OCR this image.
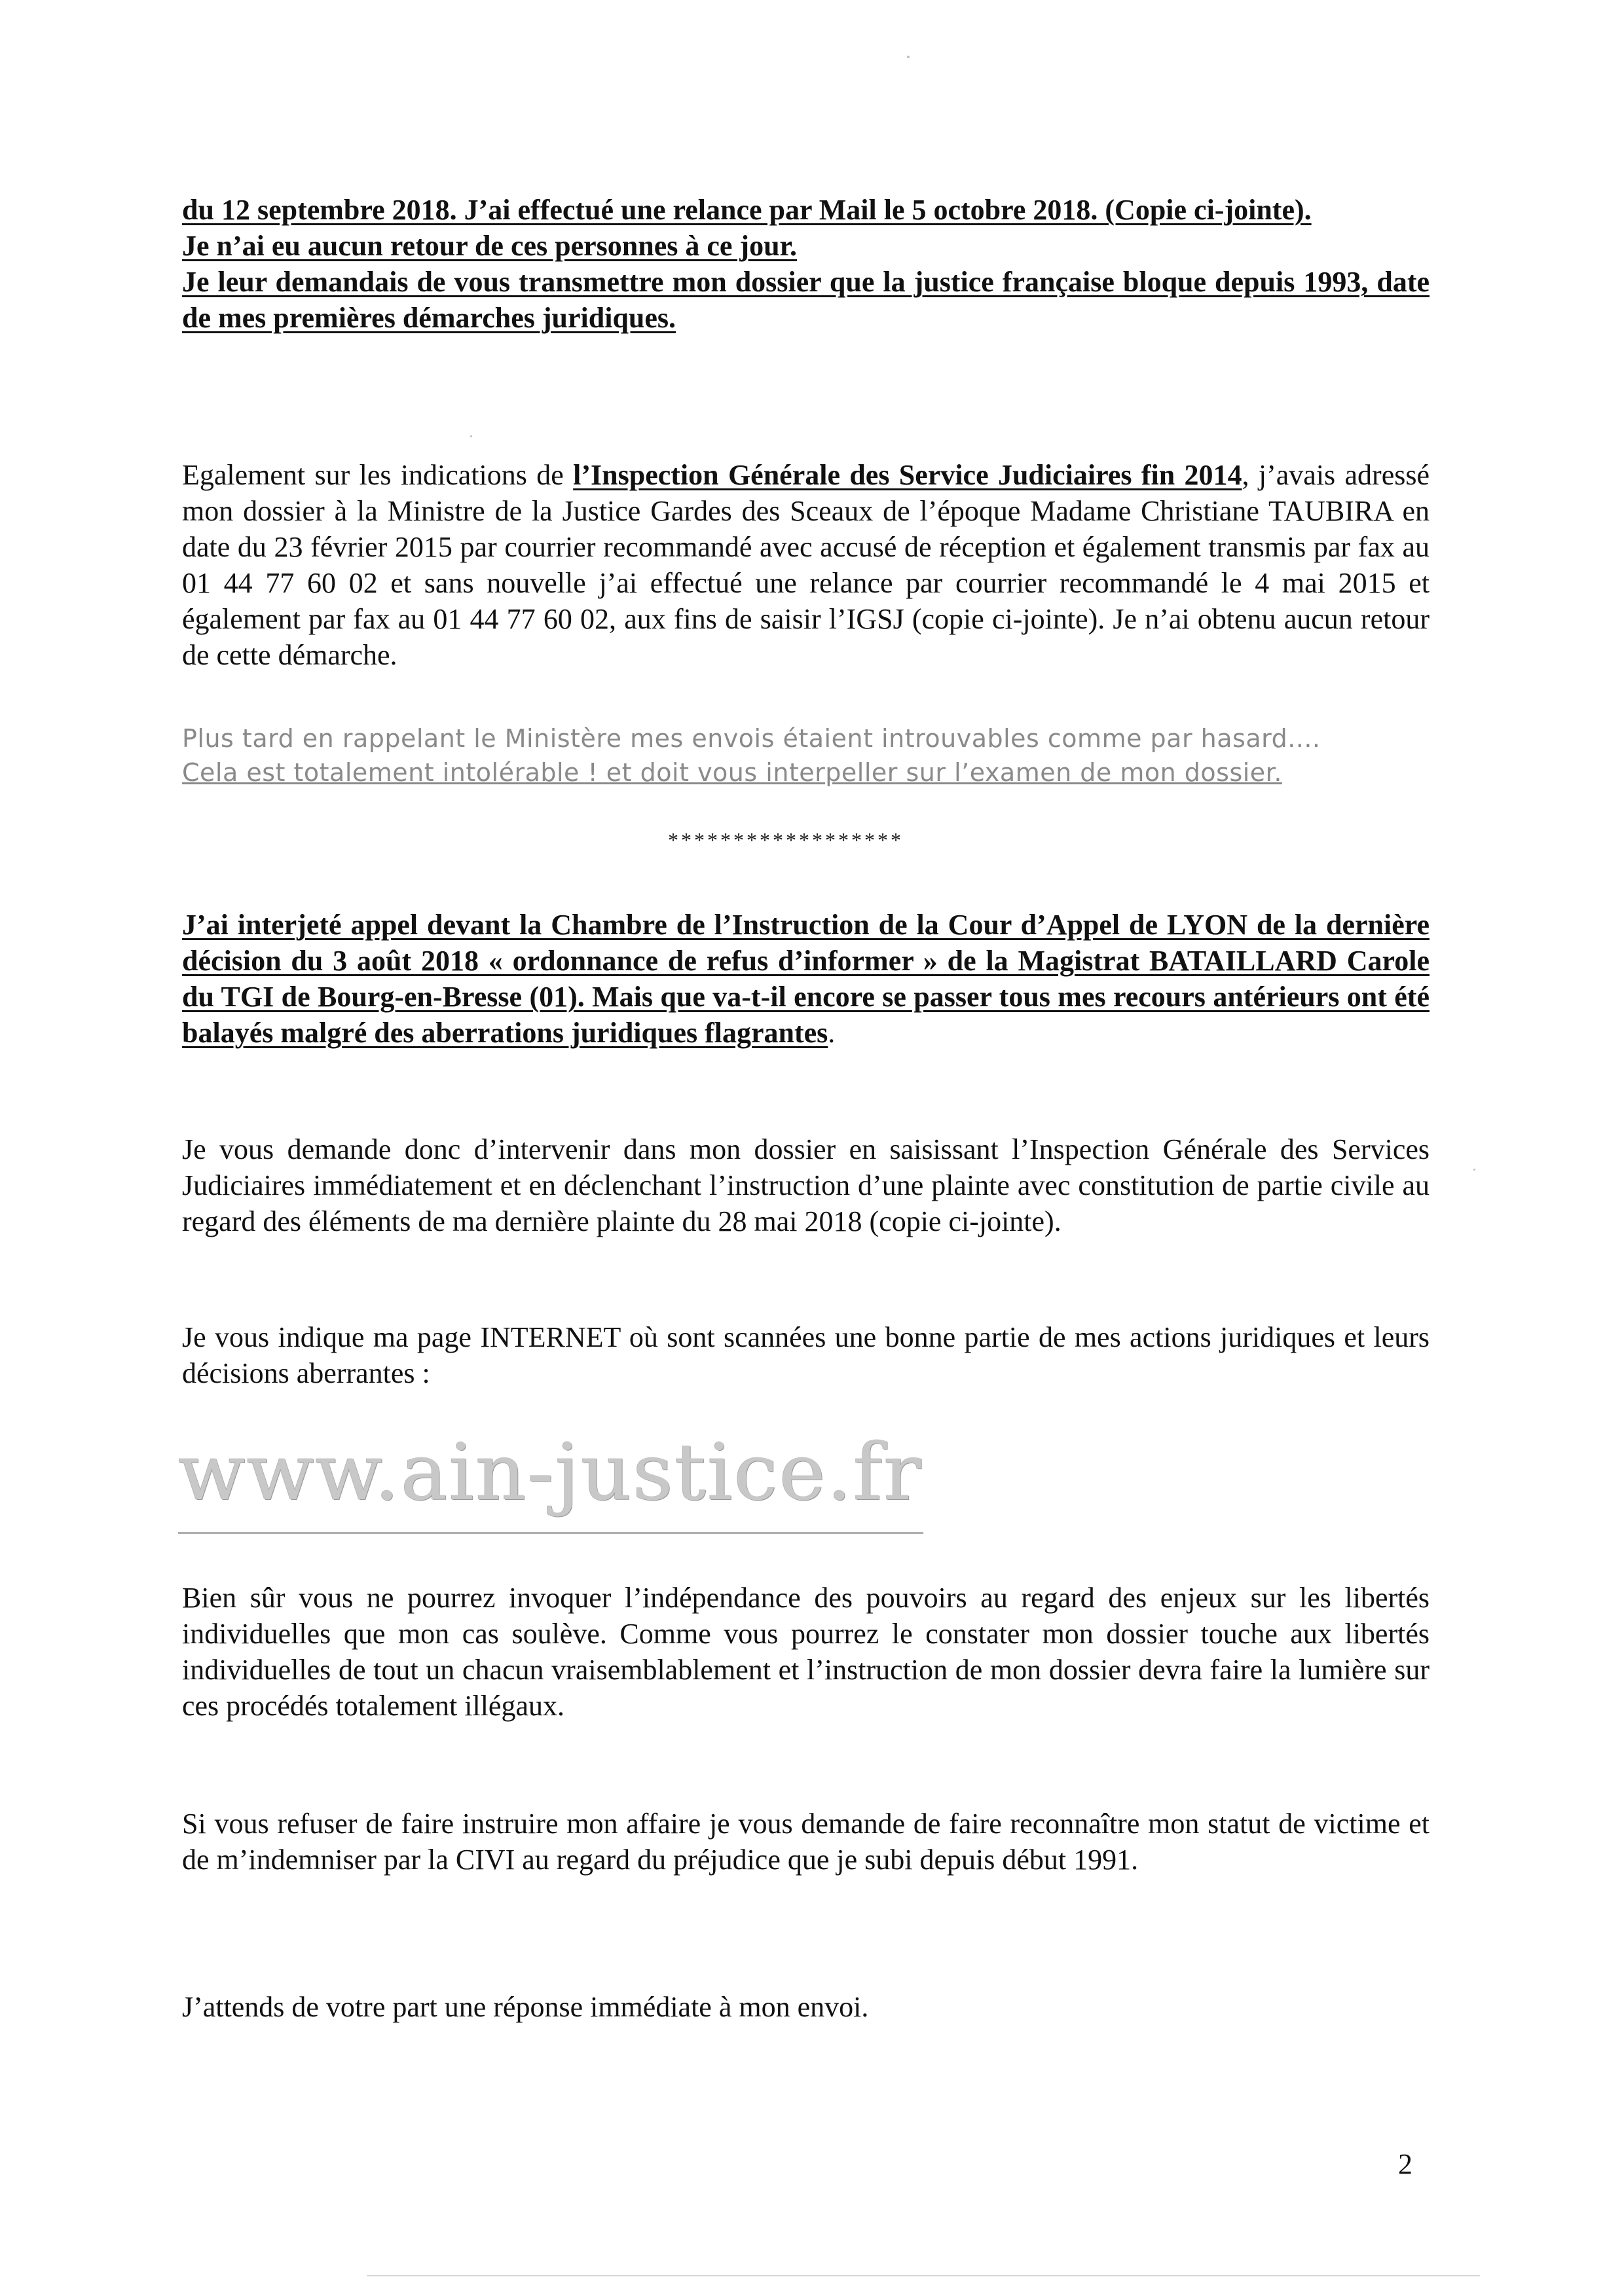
du 12 septembre 2018. J’ai effectué une relance par Mail le 5 octobre 2018. (Copie ci-jointe).
Je n’ai eu aucun retour de ces personnes à ce jour.
Je leur demandais de vous transmettre mon dossier que la justice française bloque depuis 1993, date de mes premières démarches juridiques.
Egalement sur les indications de l’Inspection Générale des Service Judiciaires fin 2014, j’avais adressé mon dossier à la Ministre de la Justice Gardes des Sceaux de l’époque Madame Christiane TAUBIRA en date du 23 février 2015 par courrier recommandé avec accusé de réception et également transmis par fax au 01 44 77 60 02 et sans nouvelle j’ai effectué une relance par courrier recommandé le 4 mai 2015 et également par fax au 01 44 77 60 02, aux fins de saisir l’IGSJ (copie ci-jointe). Je n’ai obtenu aucun retour de cette démarche.
Plus tard en rappelant le Ministère mes envois étaient introuvables comme par hasard....
Cela est totalement intolérable ! et doit vous interpeller sur l’examen de mon dossier.
******************
J’ai interjeté appel devant la Chambre de l’Instruction de la Cour d’Appel de LYON de la dernière décision du 3 août 2018 « ordonnance de refus d’informer » de la Magistrat BATAILLARD Carole du TGI de Bourg-en-Bresse (01). Mais que va-t-il encore se passer tous mes recours antérieurs ont été balayés malgré des aberrations juridiques flagrantes.
Je vous demande donc d’intervenir dans mon dossier en saisissant l’Inspection Générale des Services Judiciaires immédiatement et en déclenchant l’instruction d’une plainte avec constitution de partie civile au regard des éléments de ma dernière plainte du 28 mai 2018 (copie ci-jointe).
Je vous indique ma page INTERNET où sont scannées une bonne partie de mes actions juridiques et leurs décisions aberrantes :
www.ain-justice.fr
Bien sûr vous ne pourrez invoquer l’indépendance des pouvoirs au regard des enjeux sur les libertés individuelles que mon cas soulève. Comme vous pourrez le constater mon dossier touche aux libertés individuelles de tout un chacun vraisemblablement et l’instruction de mon dossier devra faire la lumière sur ces procédés totalement illégaux.
Si vous refuser de faire instruire mon affaire je vous demande de faire reconnaître mon statut de victime et de m’indemniser par la CIVI au regard du préjudice que je subi depuis début 1991.
J’attends de votre part une réponse immédiate à mon envoi.
2
